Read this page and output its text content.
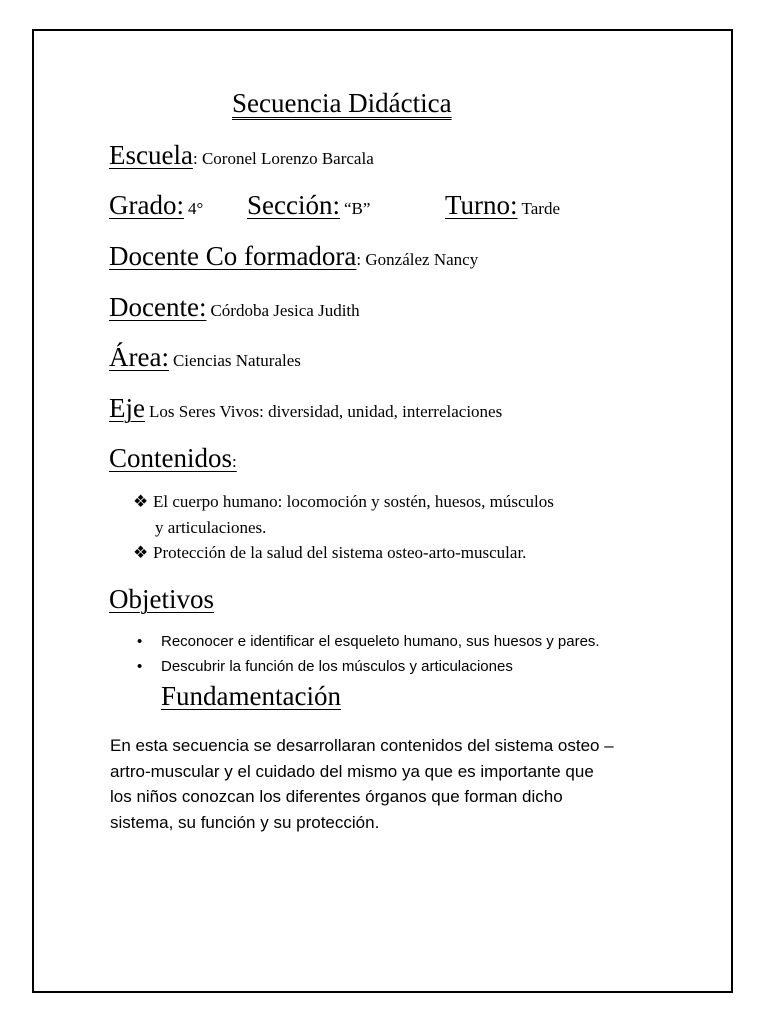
Secuencia Didáctica
Escuela: Coronel Lorenzo Barcala
Grado: 4° Sección: “B”	Turno: Tarde
Docente Co formadora: González Nancy
Docente: Córdoba Jesica Judith
Área: Ciencias Naturales
Eje Los Seres Vivos: diversidad, unidad, interrelaciones
Contenidos:
❖ El cuerpo humano: locomoción y sostén, huesos, músculos
y articulaciones.
❖ Protección de la salud del sistema osteo-arto-muscular.
Objetivos
• Reconocer e identificar el esqueleto humano, sus huesos y pares.
• Descubrir la función de los músculos y articulaciones
Fundamentación
En esta secuencia se desarrollaran contenidos del sistema osteo –
artro-muscular y el cuidado del mismo ya que es importante que
los niños conozcan los diferentes órganos que forman dicho
sistema, su función y su protección.
